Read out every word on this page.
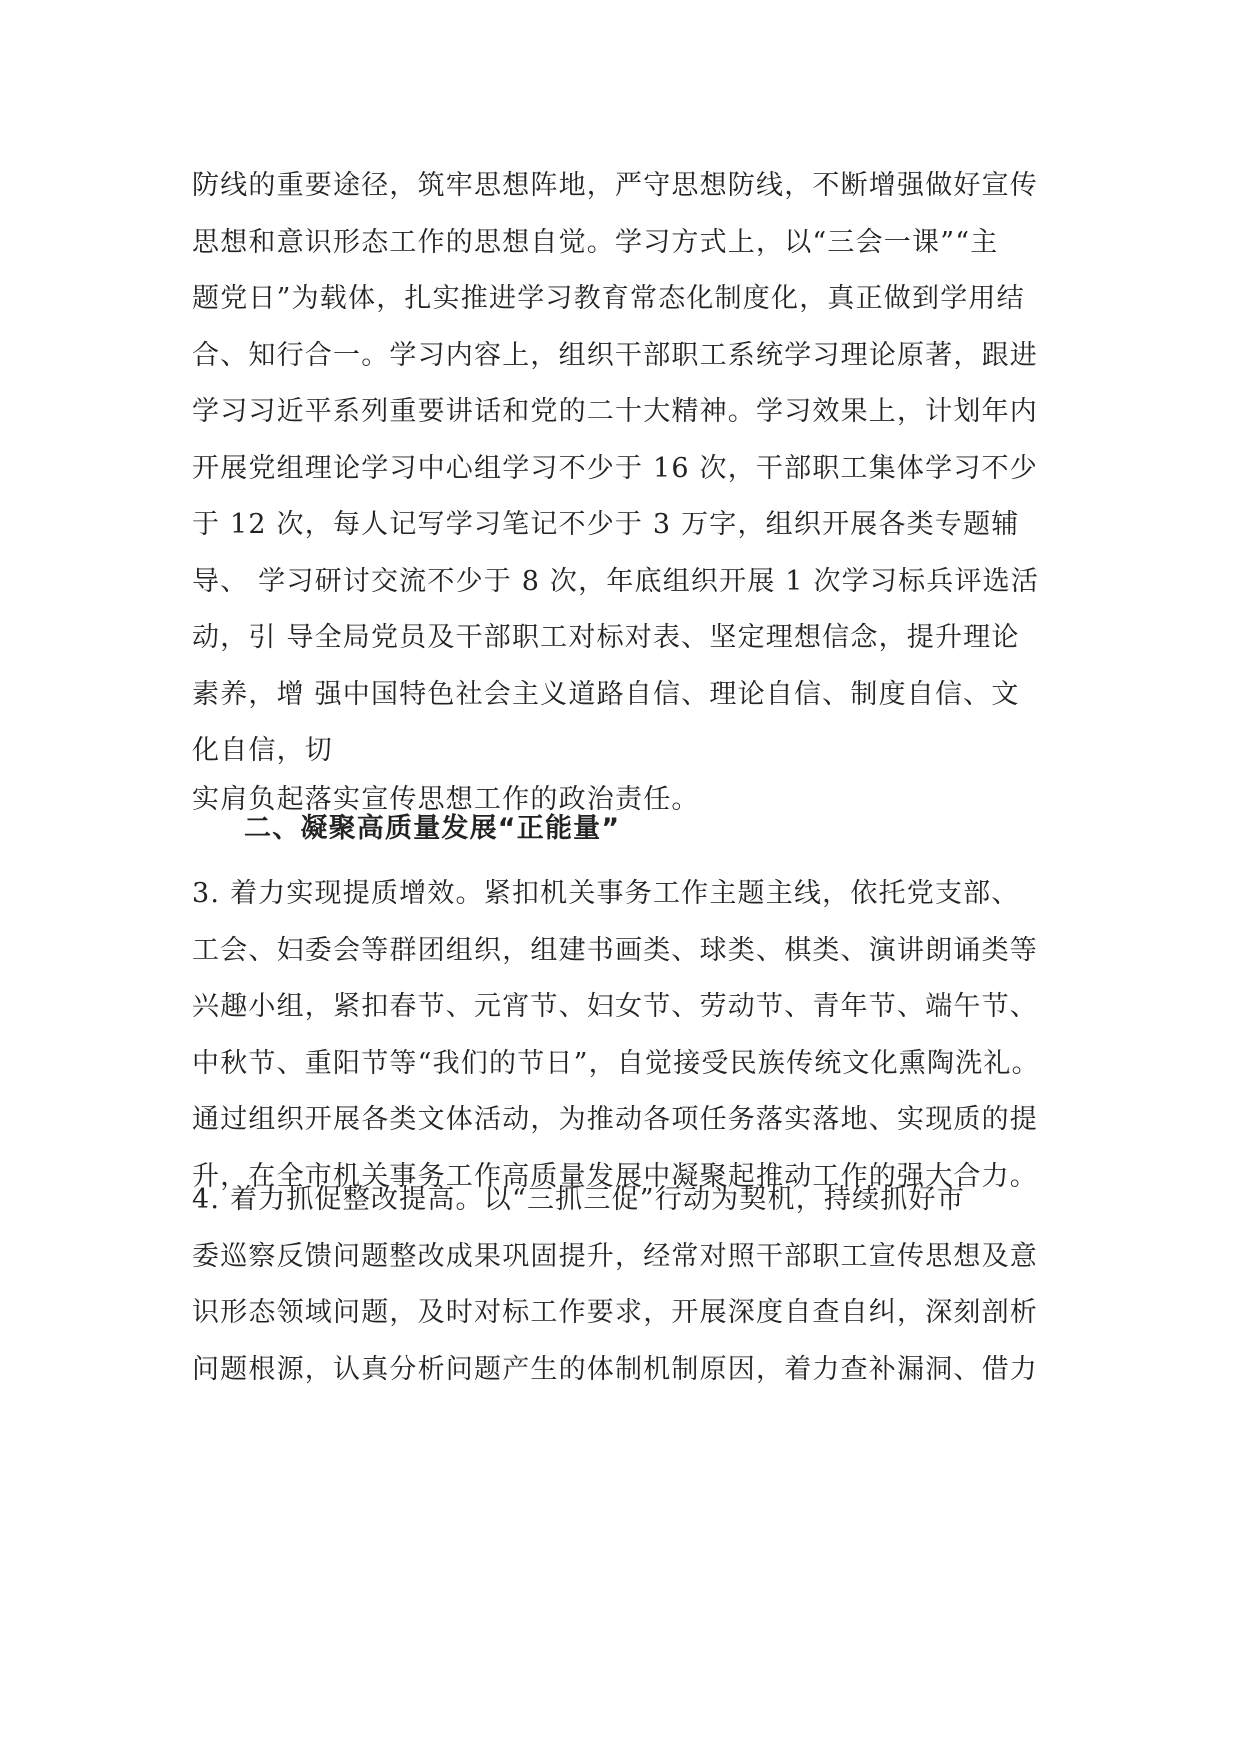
防线的重要途径，筑牢思想阵地，严守思想防线，不断增强做好宣传
思想和意识形态工作的思想自觉。学习方式上，以“三会一课”“主
题党日”为载体，扎实推进学习教育常态化制度化，真正做到学用结
合、知行合一。学习内容上，组织干部职工系统学习理论原著，跟进
学习习近平系列重要讲话和党的二十大精神。学习效果上，计划年内
开展党组理论学习中心组学习不少于 16 次，干部职工集体学习不少
于 12 次，每人记写学习笔记不少于 3 万字，组织开展各类专题辅
导、 学习研讨交流不少于 8 次，年底组织开展 1 次学习标兵评选活
动，引 导全局党员及干部职工对标对表、坚定理想信念，提升理论
素养，增 强中国特色社会主义道路自信、理论自信、制度自信、文
化自信，切
实肩负起落实宣传思想工作的政治责任。
二、凝聚高质量发展“正能量”
3. 着力实现提质增效。紧扣机关事务工作主题主线，依托党支部、
工会、妇委会等群团组织，组建书画类、球类、棋类、演讲朗诵类等
兴趣小组，紧扣春节、元宵节、妇女节、劳动节、青年节、端午节、
中秋节、重阳节等“我们的节日”，自觉接受民族传统文化熏陶洗礼。
通过组织开展各类文体活动，为推动各项任务落实落地、实现质的提
升，在全市机关事务工作高质量发展中凝聚起推动工作的强大合力。
4. 着力抓促整改提高。以“三抓三促”行动为契机，持续抓好市
委巡察反馈问题整改成果巩固提升，经常对照干部职工宣传思想及意
识形态领域问题，及时对标工作要求，开展深度自查自纠，深刻剖析
问题根源，认真分析问题产生的体制机制原因，着力查补漏洞、借力
